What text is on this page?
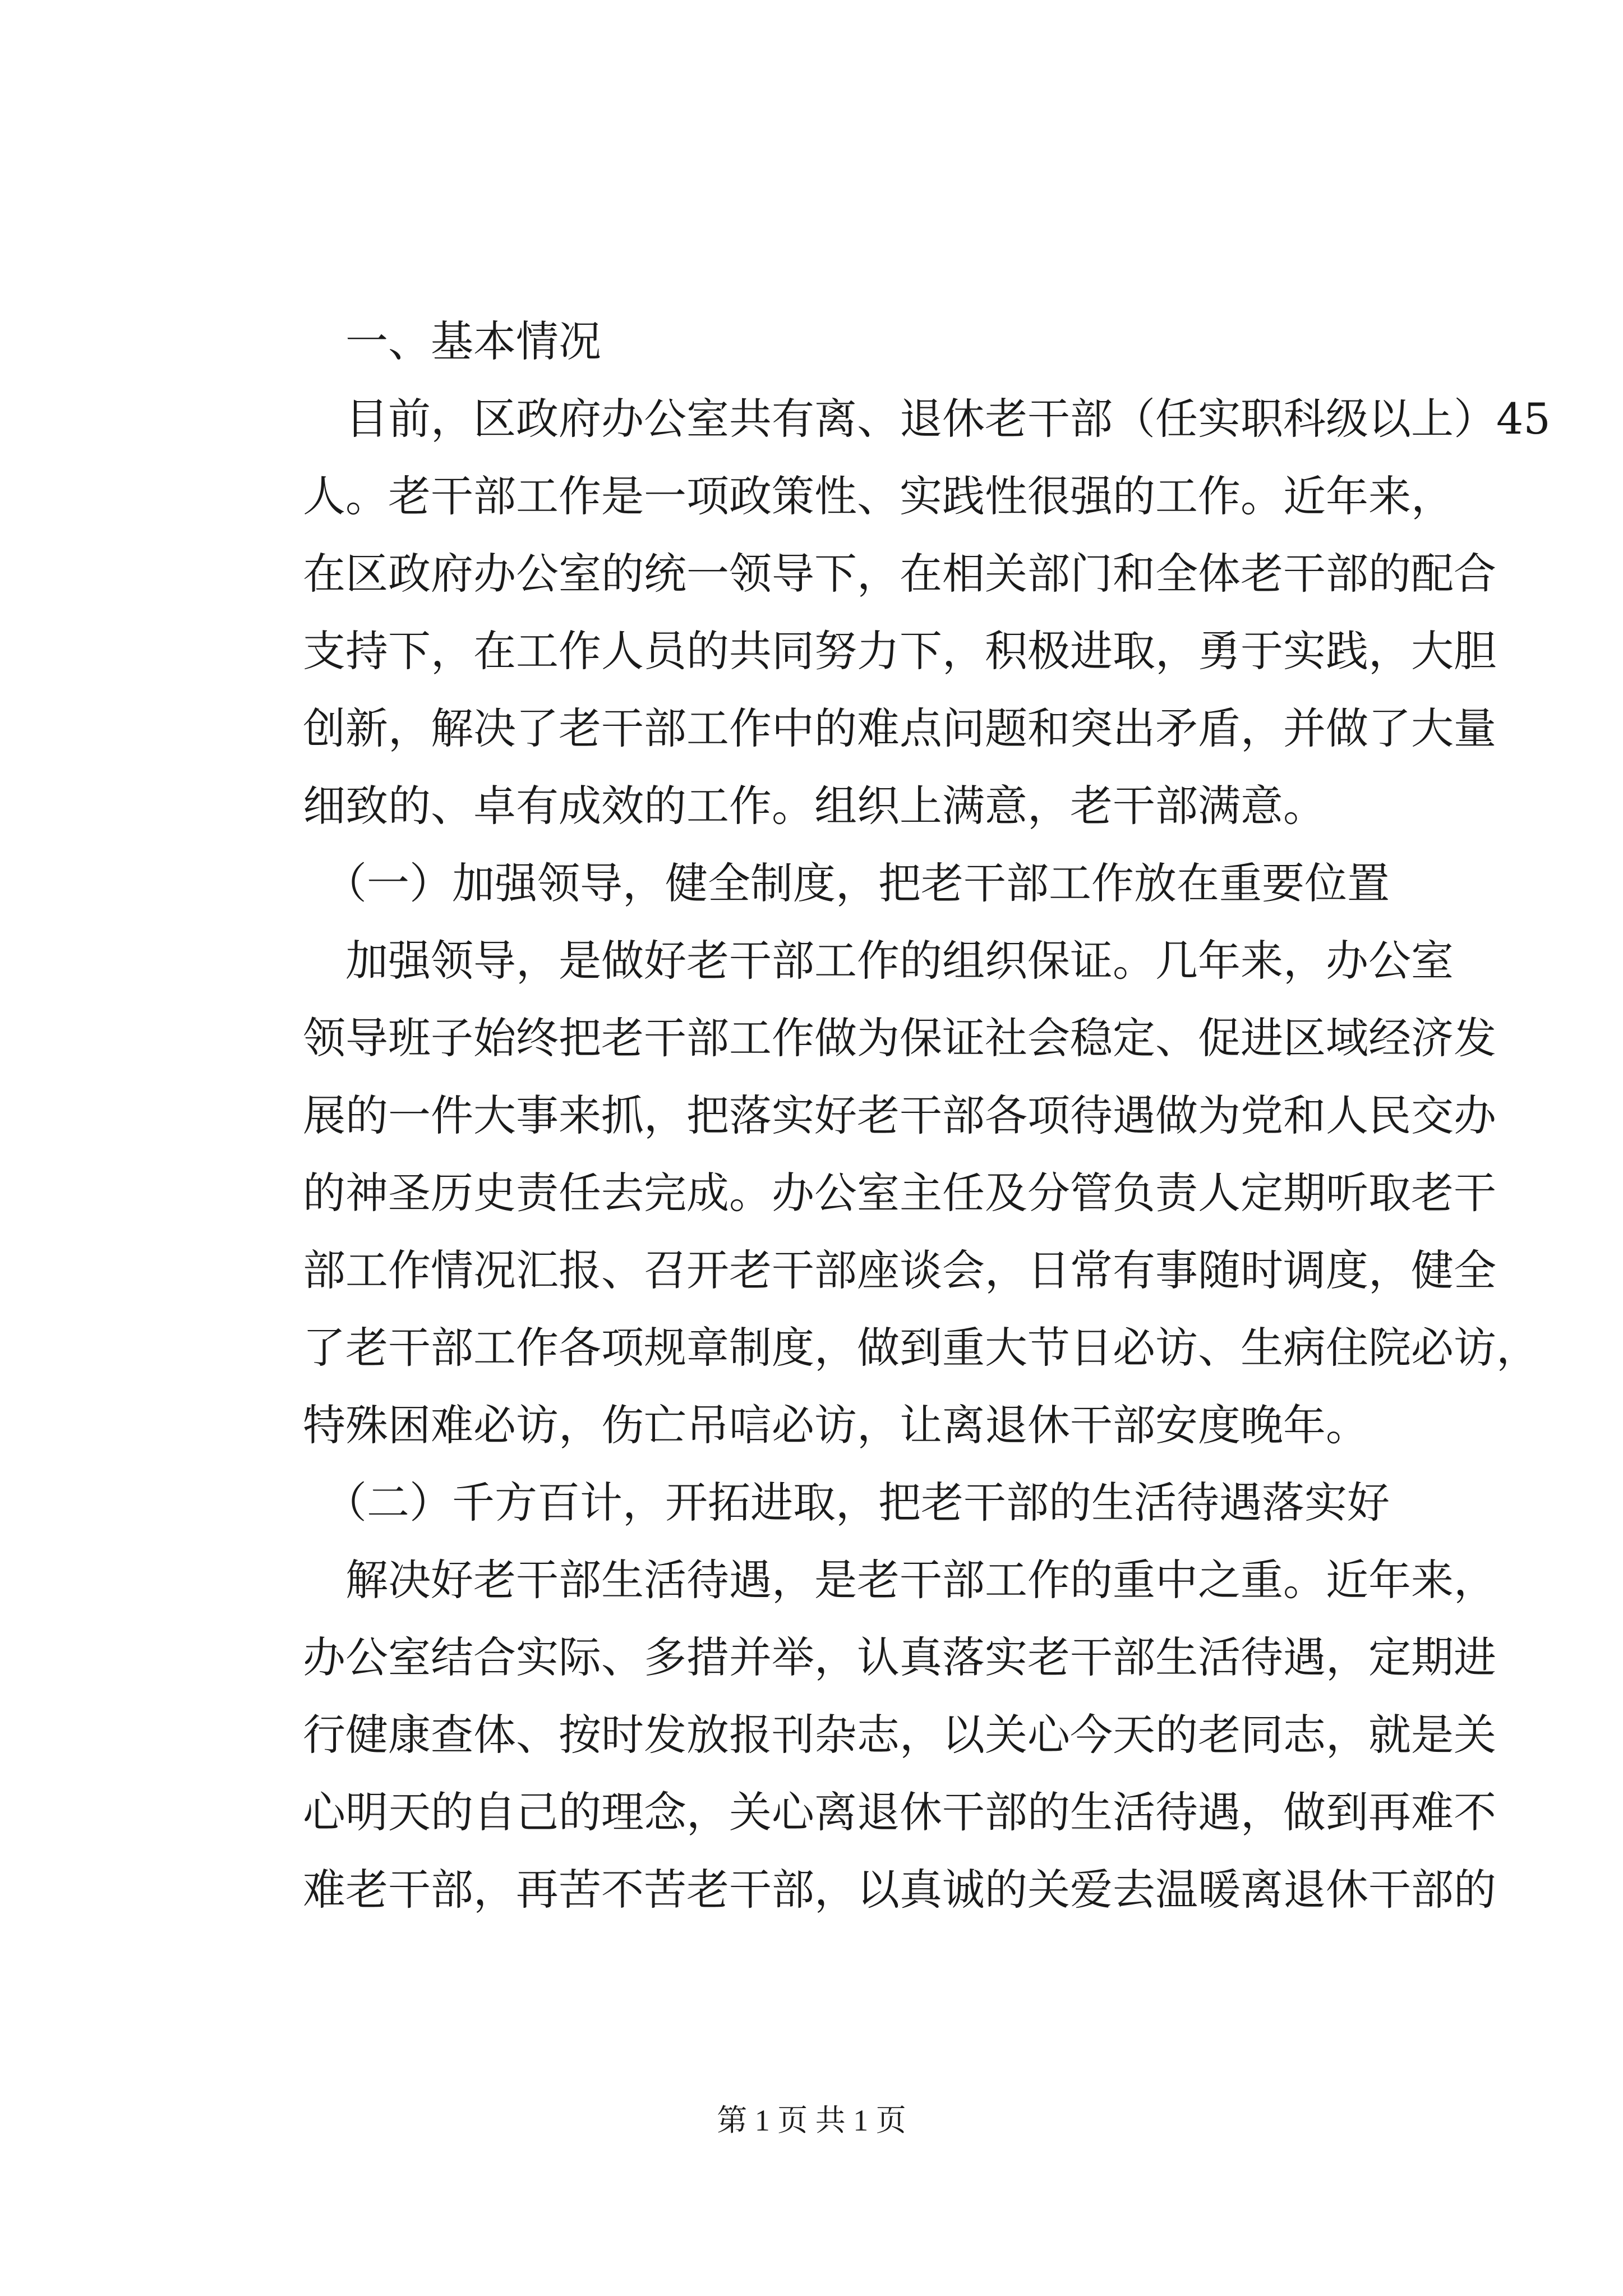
　一、基本情况
　目前，区政府办公室共有离、退休老干部（任实职科级以上）45
人。老干部工作是一项政策性、实践性很强的工作。近年来，
在区政府办公室的统一领导下，在相关部门和全体老干部的配合
支持下，在工作人员的共同努力下，积极进取，勇于实践，大胆
创新，解决了老干部工作中的难点问题和突出矛盾，并做了大量
细致的、卓有成效的工作。组织上满意，老干部满意。
　（一）加强领导，健全制度，把老干部工作放在重要位置
　加强领导，是做好老干部工作的组织保证。几年来，办公室
领导班子始终把老干部工作做为保证社会稳定、促进区域经济发
展的一件大事来抓，把落实好老干部各项待遇做为党和人民交办
的神圣历史责任去完成。办公室主任及分管负责人定期听取老干
部工作情况汇报、召开老干部座谈会，日常有事随时调度，健全
了老干部工作各项规章制度，做到重大节日必访、生病住院必访，
特殊困难必访，伤亡吊唁必访，让离退休干部安度晚年。
　（二）千方百计，开拓进取，把老干部的生活待遇落实好
　解决好老干部生活待遇，是老干部工作的重中之重。近年来，
办公室结合实际、多措并举，认真落实老干部生活待遇，定期进
行健康查体、按时发放报刊杂志，以关心今天的老同志，就是关
心明天的自己的理念，关心离退休干部的生活待遇，做到再难不
难老干部，再苦不苦老干部，以真诚的关爱去温暖离退休干部的
第 1 页 共 1 页
